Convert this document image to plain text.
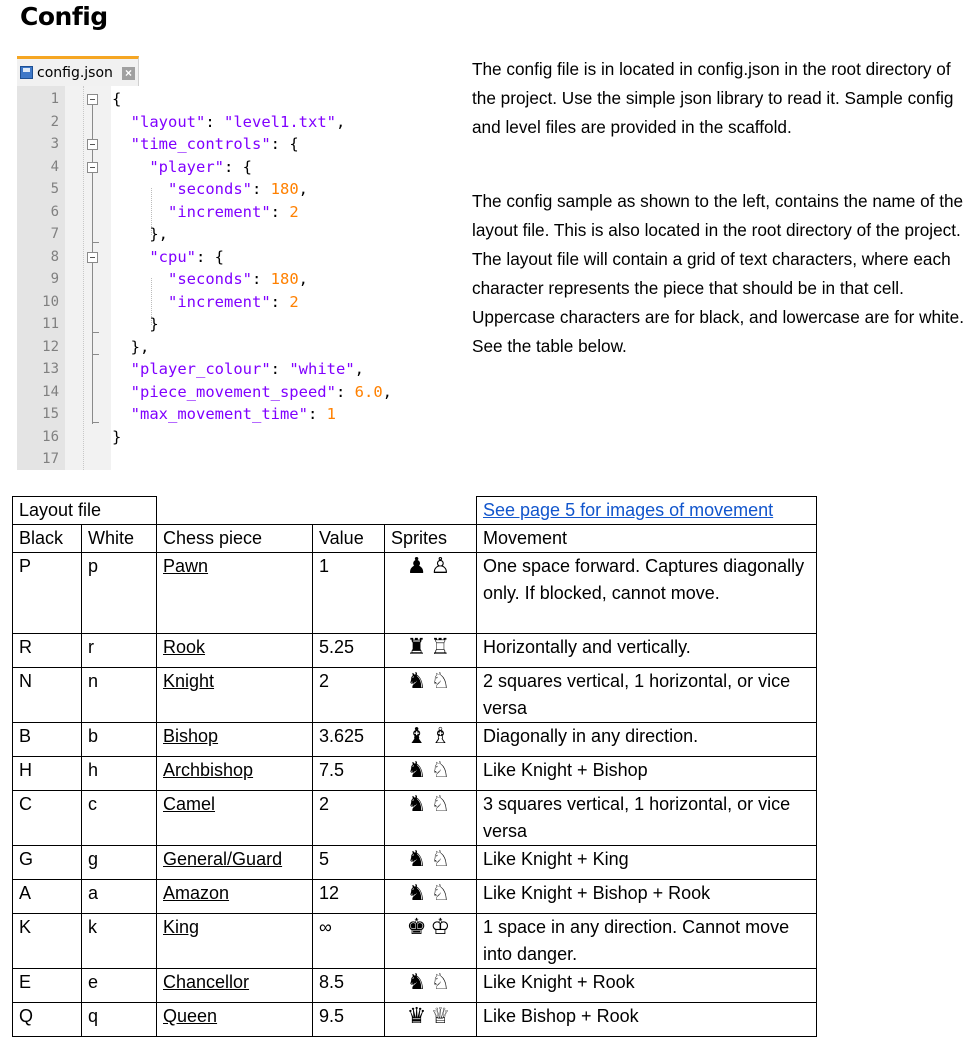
Config
config.json ×
1
2
3
4
5
6
7
8
9
10
11
12
13
14
15
16
17
{
"layout": "level1.txt",
"time_controls": {
"player": {
"seconds": 180,
"increment": 2
},
"cpu": {
"seconds": 180,
"increment": 2
}
},
"player_colour": "white",
"piece_movement_speed": 6.0,
"max_movement_time": 1
}

The config file is in located in config.json in the root directory of the project. Use the simple json library to read it. Sample config and level files are provided in the scaffold.

The config sample as shown to the left, contains the name of the layout file. This is also located in the root directory of the project. The layout file will contain a grid of text characters, where each character represents the piece that should be in that cell. Uppercase characters are for black, and lowercase are for white. See the table below.

Layout file					See page 5 for images of movement
Black	White	Chess piece	Value	Sprites	Movement
P	p	Pawn	1	♟♙	One space forward. Captures diagonally only. If blocked, cannot move.
R	r	Rook	5.25	♜♖	Horizontally and vertically.
N	n	Knight	2	♞♘	2 squares vertical, 1 horizontal, or vice versa
B	b	Bishop	3.625	♝♗	Diagonally in any direction.
H	h	Archbishop	7.5	♞♘	Like Knight + Bishop
C	c	Camel	2	♞♘	3 squares vertical, 1 horizontal, or vice versa
G	g	General/Guard	5	♞♘	Like Knight + King
A	a	Amazon	12	♞♘	Like Knight + Bishop + Rook
K	k	King	∞	♚♔	1 space in any direction. Cannot move into danger.
E	e	Chancellor	8.5	♞♘	Like Knight + Rook
Q	q	Queen	9.5	♛♕	Like Bishop + Rook
